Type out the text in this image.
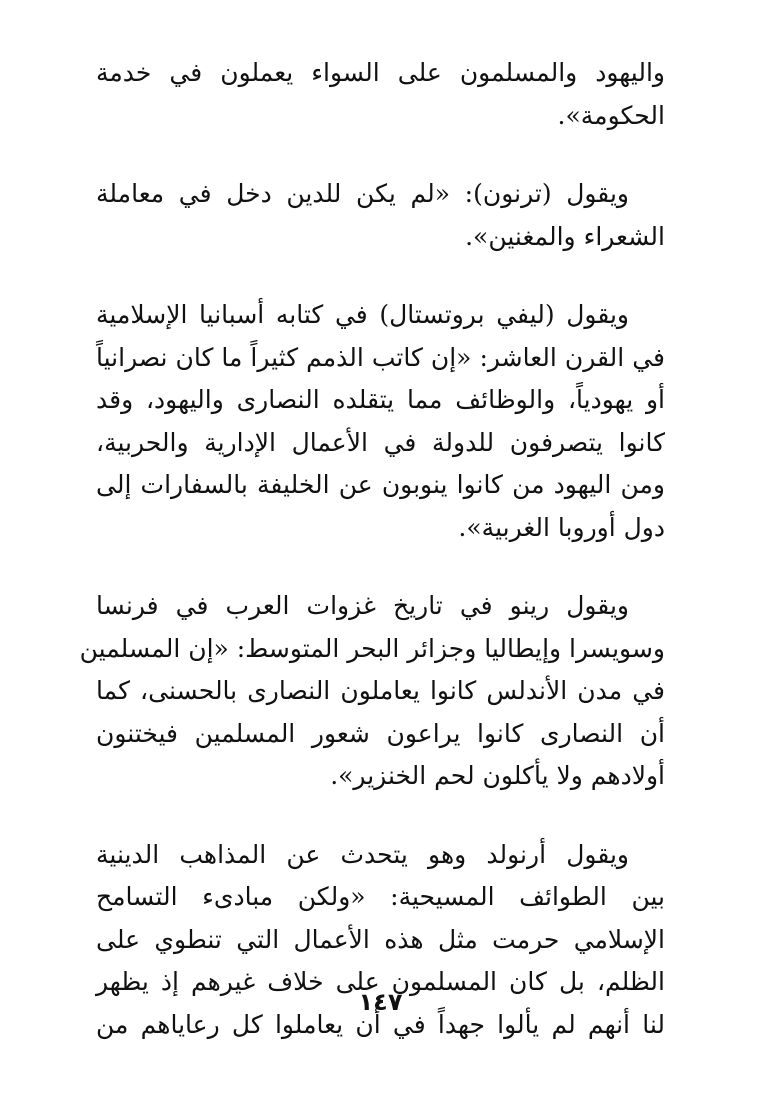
واليهود والمسلمون على السواء يعملون في خدمة
الحكومة».
ويقول (ترنون): «لم يكن للدين دخل في معاملة
الشعراء والمغنين».
ويقول (ليفي بروتستال) في كتابه أسبانيا الإسلامية
في القرن العاشر: «إن كاتب الذمم كثيراً ما كان نصرانياً
أو يهودياً، والوظائف مما يتقلده النصارى واليهود، وقد
كانوا يتصرفون للدولة في الأعمال الإدارية والحربية،
ومن اليهود من كانوا ينوبون عن الخليفة بالسفارات إلى
دول أوروبا الغربية».
ويقول رينو في تاريخ غزوات العرب في فرنسا
وسويسرا وإيطاليا وجزائر البحر المتوسط: «إن المسلمين
في مدن الأندلس كانوا يعاملون النصارى بالحسنى، كما
أن النصارى كانوا يراعون شعور المسلمين فيختنون
أولادهم ولا يأكلون لحم الخنزير».
ويقول أرنولد وهو يتحدث عن المذاهب الدينية
بين الطوائف المسيحية: «ولكن مبادىء التسامح
الإسلامي حرمت مثل هذه الأعمال التي تنطوي على
الظلم، بل كان المسلمون على خلاف غيرهم إذ يظهر
لنا أنهم لم يألوا جهداً في أن يعاملوا كل رعاياهم من
١٤٧
